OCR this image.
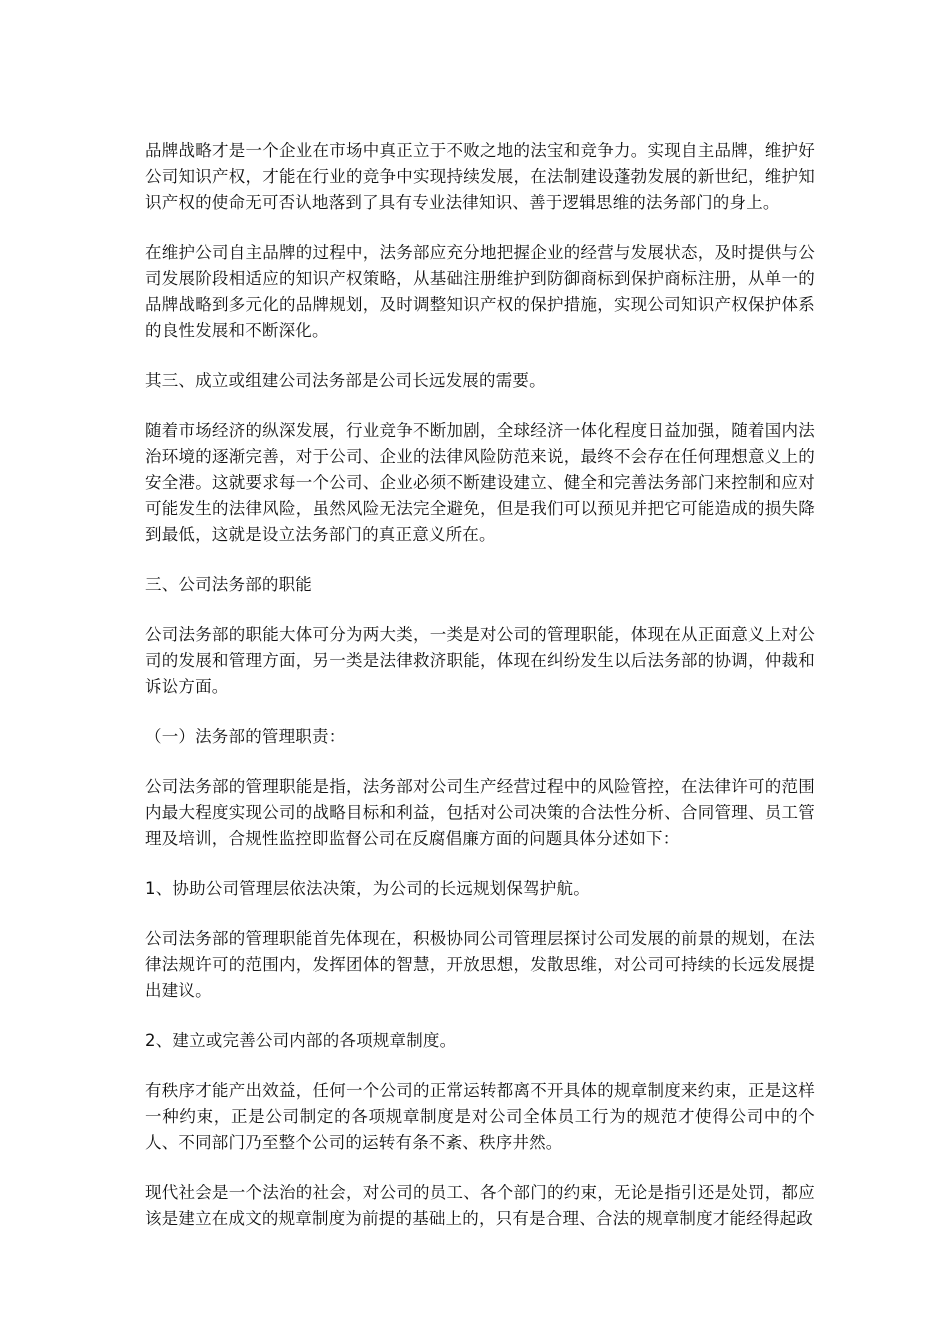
品牌战略才是一个企业在市场中真正立于不败之地的法宝和竞争力。实现自主品牌，维护好公司知识产权，才能在行业的竞争中实现持续发展，在法制建设蓬勃发展的新世纪，维护知识产权的使命无可否认地落到了具有专业法律知识、善于逻辑思维的法务部门的身上。

在维护公司自主品牌的过程中，法务部应充分地把握企业的经营与发展状态，及时提供与公司发展阶段相适应的知识产权策略，从基础注册维护到防御商标到保护商标注册，从单一的品牌战略到多元化的品牌规划，及时调整知识产权的保护措施，实现公司知识产权保护体系的良性发展和不断深化。

其三、成立或组建公司法务部是公司长远发展的需要。

随着市场经济的纵深发展，行业竞争不断加剧，全球经济一体化程度日益加强，随着国内法治环境的逐渐完善，对于公司、企业的法律风险防范来说，最终不会存在任何理想意义上的安全港。这就要求每一个公司、企业必须不断建设建立、健全和完善法务部门来控制和应对可能发生的法律风险，虽然风险无法完全避免，但是我们可以预见并把它可能造成的损失降到最低，这就是设立法务部门的真正意义所在。

三、公司法务部的职能

公司法务部的职能大体可分为两大类，一类是对公司的管理职能，体现在从正面意义上对公司的发展和管理方面，另一类是法律救济职能，体现在纠纷发生以后法务部的协调，仲裁和诉讼方面。

（一）法务部的管理职责：

公司法务部的管理职能是指，法务部对公司生产经营过程中的风险管控，在法律许可的范围内最大程度实现公司的战略目标和利益，包括对公司决策的合法性分析、合同管理、员工管理及培训，合规性监控即监督公司在反腐倡廉方面的问题具体分述如下：

1、协助公司管理层依法决策，为公司的长远规划保驾护航。

公司法务部的管理职能首先体现在，积极协同公司管理层探讨公司发展的前景的规划，在法律法规许可的范围内，发挥团体的智慧，开放思想，发散思维，对公司可持续的长远发展提出建议。

2、建立或完善公司内部的各项规章制度。

有秩序才能产出效益，任何一个公司的正常运转都离不开具体的规章制度来约束，正是这样一种约束，正是公司制定的各项规章制度是对公司全体员工行为的规范才使得公司中的个人、不同部门乃至整个公司的运转有条不紊、秩序井然。

现代社会是一个法治的社会，对公司的员工、各个部门的约束，无论是指引还是处罚，都应该是建立在成文的规章制度为前提的基础上的，只有是合理、合法的规章制度才能经得起政
